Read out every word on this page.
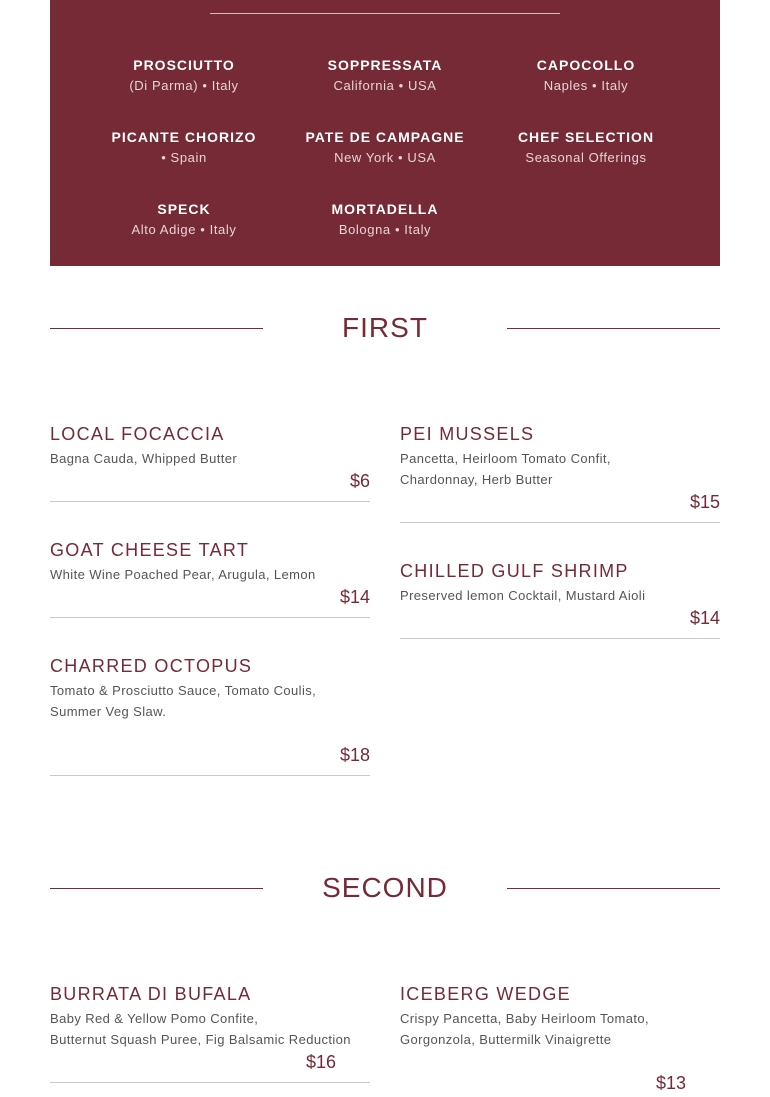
PROSCIUTTO
(Di Parma) • Italy
SOPPRESSATA
California • USA
CAPOCOLLO
Naples • Italy
PICANTE CHORIZO
• Spain
PATE DE CAMPAGNE
New York • USA
CHEF SELECTION
Seasonal Offerings
SPECK
Alto Adige • Italy
MORTADELLA
Bologna • Italy
FIRST
LOCAL FOCACCIA
Bagna Cauda, Whipped Butter
$6
GOAT CHEESE TART
White Wine Poached Pear, Arugula, Lemon
$14
CHARRED OCTOPUS
Tomato & Prosciutto Sauce, Tomato Coulis,
Summer Veg Slaw.
$18
PEI MUSSELS
Pancetta, Heirloom Tomato Confit,
Chardonnay, Herb Butter
$15
CHILLED GULF SHRIMP
Preserved lemon Cocktail, Mustard Aioli
$14
SECOND
BURRATA DI BUFALA
Baby Red & Yellow Pomo Confite,
Butternut Squash Puree, Fig Balsamic Reduction
$16
ICEBERG WEDGE
Crispy Pancetta, Baby Heirloom Tomato,
Gorgonzola, Buttermilk Vinaigrette
$13
